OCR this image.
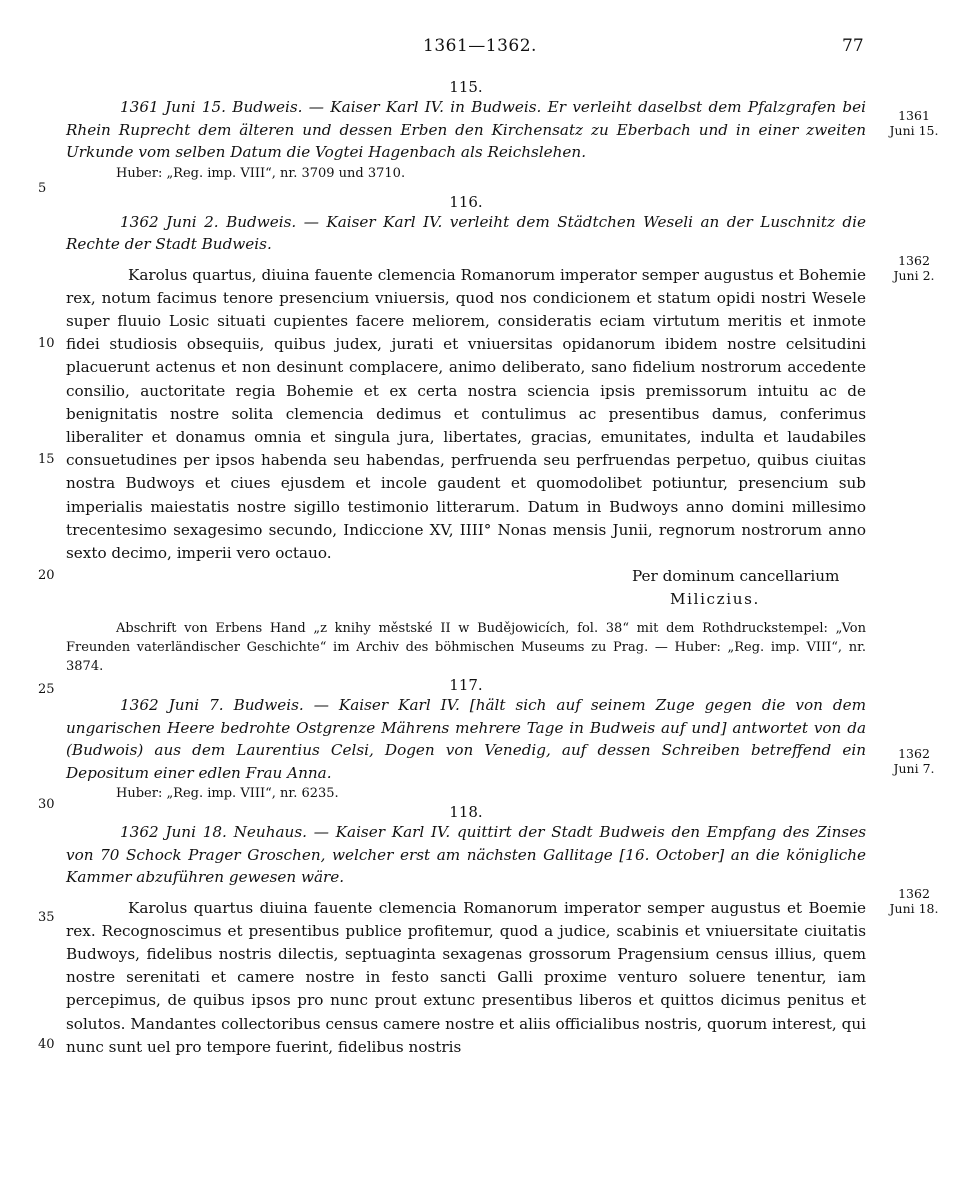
1361—1362.	77
5
10
15
20
25
30
35
40
1361
Juni 15.
1362
Juni 2.
1362
Juni 7.
1362
Juni 18.

115.

1361 Juni 15. Budweis. — Kaiser Karl IV. in Budweis. Er verleiht daselbst dem Pfalzgrafen bei Rhein Ruprecht dem älteren und dessen Erben den Kirchensatz zu Eberbach und in einer zweiten Urkunde vom selben Datum die Vogtei Hagenbach als Reichslehen.

Huber: „Reg. imp. VIII“, nr. 3709 und 3710.

116.

1362 Juni 2. Budweis. — Kaiser Karl IV. verleiht dem Städtchen Weseli an der Luschnitz die Rechte der Stadt Budweis.

Karolus quartus, diuina fauente clemencia Romanorum imperator semper augustus et Bohemie rex, notum facimus tenore presencium vniuersis, quod nos condicionem et statum opidi nostri Wesele super fluuio Losic situati cupientes facere meliorem, consideratis eciam virtutum meritis et inmote fidei studiosis obsequiis, quibus judex, jurati et vniuersitas opidanorum ibidem nostre celsitudini placuerunt actenus et non desinunt complacere, animo deliberato, sano fidelium nostrorum accedente consilio, auctoritate regia Bohemie et ex certa nostra sciencia ipsis premissorum intuitu ac de benignitatis nostre solita clemencia dedimus et contulimus ac presentibus damus, conferimus liberaliter et donamus omnia et singula jura, libertates, gracias, emunitates, indulta et laudabiles consuetudines per ipsos habenda seu habendas, perfruenda seu perfruendas perpetuo, quibus ciuitas nostra Budwoys et ciues ejusdem et incole gaudent et quomodolibet potiuntur, presencium sub imperialis maiestatis nostre sigillo testimonio litterarum. Datum in Budwoys anno domini millesimo trecentesimo sexagesimo secundo, Indiccione XV, IIII° Nonas mensis Junii, regnorum nostrorum anno sexto decimo, imperii vero octauo.

Per dominum cancellarium

Miliczius.

Abschrift von Erbens Hand „z knihy městské II w Budějowicích, fol. 38“ mit dem Rothdruckstempel: „Von Freunden vaterländischer Geschichte“ im Archiv des böhmischen Museums zu Prag. — Huber: „Reg. imp. VIII“, nr. 3874.

117.

1362 Juni 7. Budweis. — Kaiser Karl IV. [hält sich auf seinem Zuge gegen die von dem ungarischen Heere bedrohte Ostgrenze Mährens mehrere Tage in Budweis auf und] antwortet von da (Budwois) aus dem Laurentius Celsi, Dogen von Venedig, auf dessen Schreiben betreffend ein Depositum einer edlen Frau Anna.

Huber: „Reg. imp. VIII“, nr. 6235.

118.

1362 Juni 18. Neuhaus. — Kaiser Karl IV. quittirt der Stadt Budweis den Empfang des Zinses von 70 Schock Prager Groschen, welcher erst am nächsten Gallitage [16. October] an die königliche Kammer abzuführen gewesen wäre.

Karolus quartus diuina fauente clemencia Romanorum imperator semper augustus et Boemie rex. Recognoscimus et presentibus publice profitemur, quod a judice, scabinis et vniuersitate ciuitatis Budwoys, fidelibus nostris dilectis, septuaginta sexagenas grossorum Pragensium census illius, quem nostre serenitati et camere nostre in festo sancti Galli proxime venturo soluere tenentur, iam percepimus, de quibus ipsos pro nunc prout extunc presentibus liberos et quittos dicimus penitus et solutos. Mandantes collectoribus census camere nostre et aliis officialibus nostris, quorum interest, qui nunc sunt uel pro tempore fuerint, fidelibus nostris
